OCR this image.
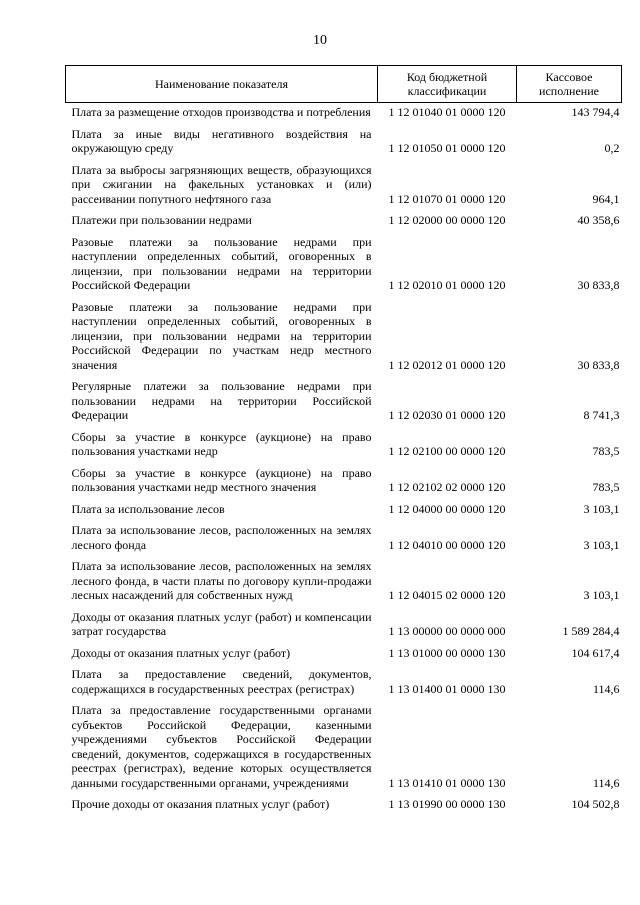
10
Наименование показателя	Код бюджетной классификации	Кассовое исполнение
Плата за размещение отходов производства и потребления	1 12 01040 01 0000 120	143 794,4
Плата за иные виды негативного воздействия на окружающую среду	1 12 01050 01 0000 120	0,2
Плата за выбросы загрязняющих веществ, образующихся при сжигании на факельных установках и (или) рассеивании попутного нефтяного газа	1 12 01070 01 0000 120	964,1
Платежи при пользовании недрами	1 12 02000 00 0000 120	40 358,6
Разовые платежи за пользование недрами при наступлении определенных событий, оговоренных в лицензии, при пользовании недрами на территории Российской Федерации	1 12 02010 01 0000 120	30 833,8
Разовые платежи за пользование недрами при наступлении определенных событий, оговоренных в лицензии, при пользовании недрами на территории Российской Федерации по участкам недр местного значения	1 12 02012 01 0000 120	30 833,8
Регулярные платежи за пользование недрами при пользовании недрами на территории Российской Федерации	1 12 02030 01 0000 120	8 741,3
Сборы за участие в конкурсе (аукционе) на право пользования участками недр	1 12 02100 00 0000 120	783,5
Сборы за участие в конкурсе (аукционе) на право пользования участками недр местного значения	1 12 02102 02 0000 120	783,5
Плата за использование лесов	1 12 04000 00 0000 120	3 103,1
Плата за использование лесов, расположенных на землях лесного фонда	1 12 04010 00 0000 120	3 103,1
Плата за использование лесов, расположенных на землях лесного фонда, в части платы по договору купли-продажи лесных насаждений для собственных нужд	1 12 04015 02 0000 120	3 103,1
Доходы от оказания платных услуг (работ) и компенсации затрат государства	1 13 00000 00 0000 000	1 589 284,4
Доходы от оказания платных услуг (работ)	1 13 01000 00 0000 130	104 617,4
Плата за предоставление сведений, документов, содержащихся в государственных реестрах (регистрах)	1 13 01400 01 0000 130	114,6
Плата за предоставление государственными органами субъектов Российской Федерации, казенными учреждениями субъектов Российской Федерации сведений, документов, содержащихся в государственных реестрах (регистрах), ведение которых осуществляется данными государственными органами, учреждениями	1 13 01410 01 0000 130	114,6
Прочие доходы от оказания платных услуг (работ)	1 13 01990 00 0000 130	104 502,8
